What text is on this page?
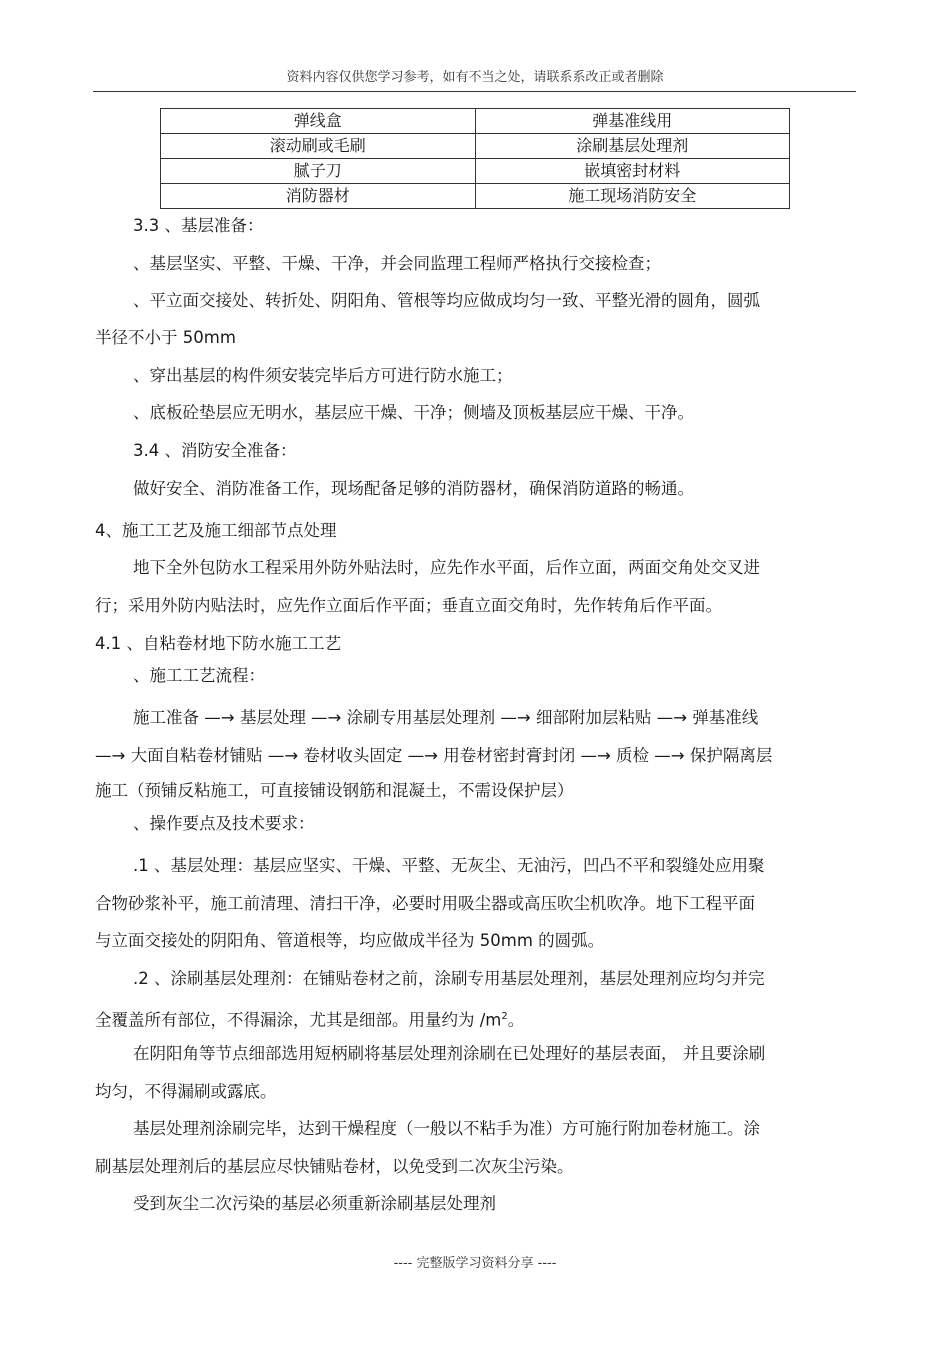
资料内容仅供您学习参考，如有不当之处，请联系系改正或者删除
弹线盒	弹基准线用
滚动刷或毛刷	涂刷基层处理剂
腻子刀	嵌填密封材料
消防器材	施工现场消防安全
3.3 、基层准备：
、基层坚实、平整、干燥、干净，并会同监理工程师严格执行交接检查；
、平立面交接处、转折处、阴阳角、管根等均应做成均匀一致、平整光滑的圆角，圆弧
半径不小于 50mm
、穿出基层的构件须安装完毕后方可进行防水施工；
、底板砼垫层应无明水，基层应干燥、干净；侧墙及顶板基层应干燥、干净。
3.4 、消防安全准备：
做好安全、消防准备工作，现场配备足够的消防器材，确保消防道路的畅通。
4、施工工艺及施工细部节点处理
地下全外包防水工程采用外防外贴法时，应先作水平面，后作立面，两面交角处交叉进
行；采用外防内贴法时，应先作立面后作平面；垂直立面交角时，先作转角后作平面。
4.1 、自粘卷材地下防水施工工艺
、施工工艺流程：
施工准备 —→ 基层处理 —→ 涂刷专用基层处理剂 —→ 细部附加层粘贴 —→ 弹基准线
—→ 大面自粘卷材铺贴 —→ 卷材收头固定 —→ 用卷材密封膏封闭 —→ 质检 —→ 保护隔离层
施工（预铺反粘施工，可直接铺设钢筋和混凝土，不需设保护层）
、操作要点及技术要求：
.1 、基层处理：基层应坚实、干燥、平整、无灰尘、无油污，凹凸不平和裂缝处应用聚
合物砂浆补平，施工前清理、清扫干净，必要时用吸尘器或高压吹尘机吹净。地下工程平面
与立面交接处的阴阳角、管道根等，均应做成半径为 50mm 的圆弧。
.2 、涂刷基层处理剂：在铺贴卷材之前，涂刷专用基层处理剂，基层处理剂应均匀并完
全覆盖所有部位，不得漏涂，尤其是细部。用量约为 $/m^2$。
在阴阳角等节点细部选用短柄刷将基层处理剂涂刷在已处理好的基层表面， 并且要涂刷
均匀，不得漏刷或露底。
基层处理剂涂刷完毕，达到干燥程度（一般以不粘手为准）方可施行附加卷材施工。涂
刷基层处理剂后的基层应尽快铺贴卷材，以免受到二次灰尘污染。
受到灰尘二次污染的基层必须重新涂刷基层处理剂
---- 完整版学习资料分享 ----
